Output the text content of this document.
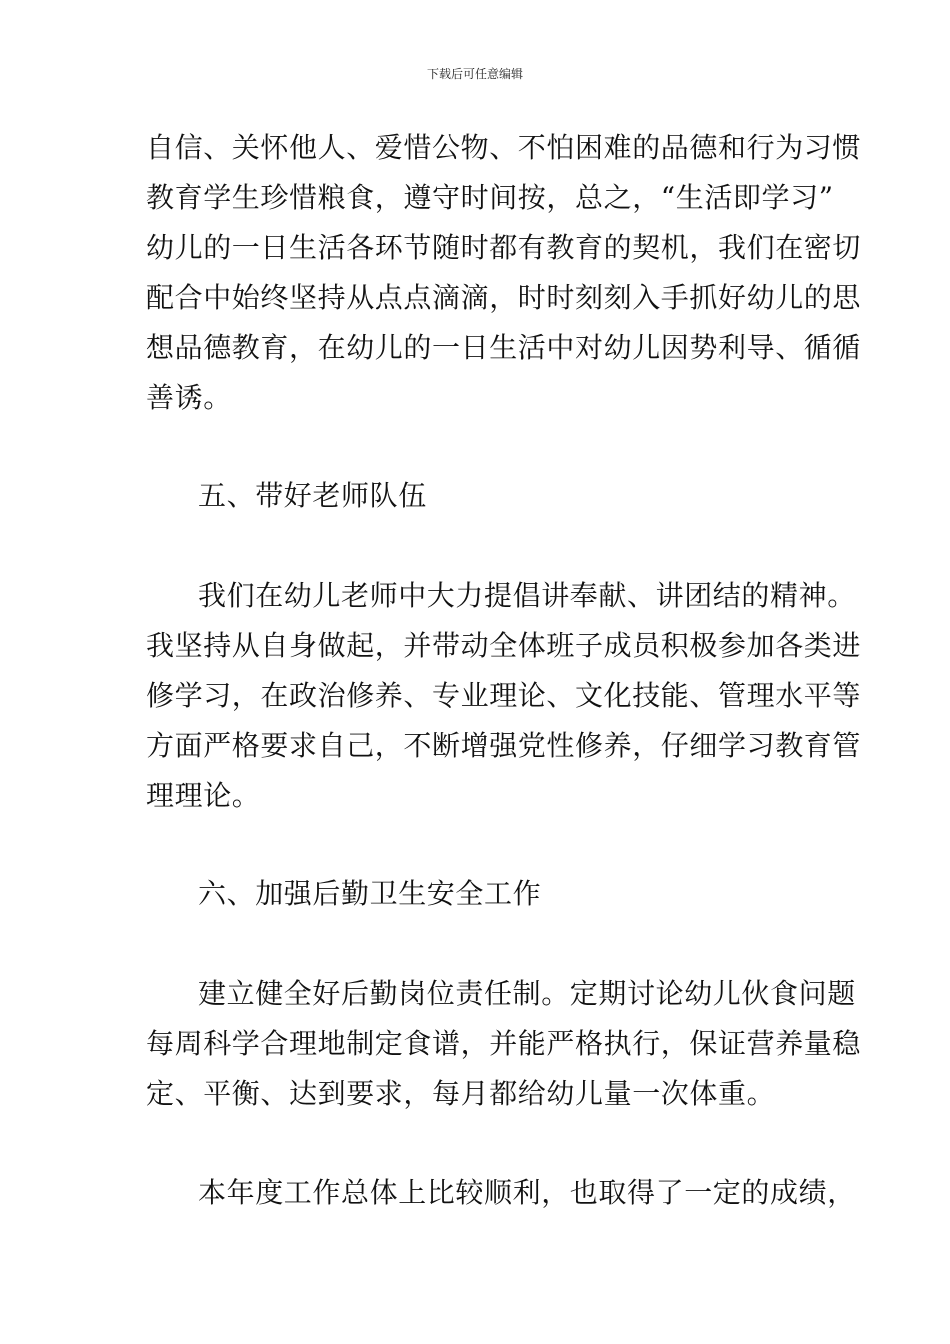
下载后可任意编辑
自信、关怀他人、爱惜公物、不怕困难的品德和行为习惯
教育学生珍惜粮食，遵守时间按，总之，“生活即学习”
幼儿的一日生活各环节随时都有教育的契机，我们在密切
配合中始终坚持从点点滴滴，时时刻刻入手抓好幼儿的思
想品德教育，在幼儿的一日生活中对幼儿因势利导、循循
善诱。
五、带好老师队伍
我们在幼儿老师中大力提倡讲奉献、讲团结的精神。
我坚持从自身做起，并带动全体班子成员积极参加各类进
修学习，在政治修养、专业理论、文化技能、管理水平等
方面严格要求自己，不断增强党性修养，仔细学习教育管
理理论。
六、加强后勤卫生安全工作
建立健全好后勤岗位责任制。定期讨论幼儿伙食问题
每周科学合理地制定食谱，并能严格执行，保证营养量稳
定、平衡、达到要求，每月都给幼儿量一次体重。
本年度工作总体上比较顺利，也取得了一定的成绩，
